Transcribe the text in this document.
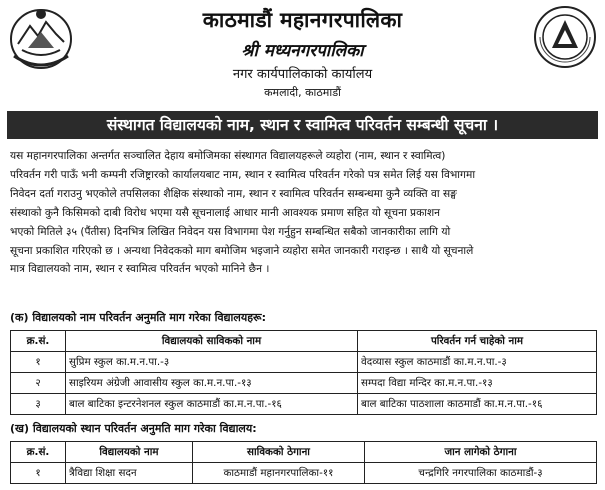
काठमाडौं महानगरपालिका
श्री मध्यनगरपालिका
नगर कार्यपालिकाको कार्यालय
कमलादी, काठमाडौं
संस्थागत विद्यालयको नाम, स्थान र स्वामित्व परिवर्तन सम्बन्धी सूचना ।
यस महानगरपालिका अन्तर्गत सञ्चालित देहाय बमोजिमका संस्थागत विद्यालयहरूले व्यहोरा (नाम, स्थान र स्वामित्व)
परिवर्तन गरी पाऊँ भनी कम्पनी रजिष्ट्रारको कार्यालयबाट नाम, स्थान र स्वामित्व परिवर्तन गरेको पत्र समेत लिई यस विभागमा
निवेदन दर्ता गराउनु भएकोले तपसिलका शैक्षिक संस्थाको नाम, स्थान र स्वामित्व परिवर्तन सम्बन्धमा कुनै व्यक्ति वा सङ्घ
संस्थाको कुनै किसिमको दाबी विरोध भएमा यसै सूचनालाई आधार मानी आवश्यक प्रमाण सहित यो सूचना प्रकाशन
भएको मितिले ३५ (पैंतीस) दिनभित्र लिखित निवेदन यस विभागमा पेश गर्नुहुन सम्बन्धित सबैको जानकारीका लागि यो
सूचना प्रकाशित गरिएको छ । अन्यथा निवेदकको माग बमोजिम भइजाने व्यहोरा समेत जानकारी गराइन्छ । साथै यो सूचनाले
मात्र विद्यालयको नाम, स्थान र स्वामित्व परिवर्तन भएको मानिने छैन ।
(क) विद्यालयको नाम परिवर्तन अनुमति माग गरेका विद्यालयहरू:
क्र.सं.	विद्यालयको साविकको नाम	परिवर्तन गर्न चाहेको नाम
१	सुप्रिम स्कुल का.म.न.पा.-३	वेदव्यास स्कुल काठमाडौं का.म.न.पा.-३
२	साइरियम अंग्रेजी आवासीय स्कुल का.म.न.पा.-१३	सम्पदा विद्या मन्दिर का.म.न.पा.-१३
३	बाल बाटिका इन्टरनेशनल स्कुल काठमाडौं का.म.न.पा.-१६	बाल बाटिका पाठशाला काठमाडौं का.म.न.पा.-१६
(ख) विद्यालयको स्थान परिवर्तन अनुमति माग गरेका विद्यालय:
क्र.सं.	विद्यालयको नाम	साविकको ठेगाना	जान लागेको ठेगाना
१	त्रैविद्या शिक्षा सदन	काठमाडौं महानगरपालिका-११	चन्द्रगिरि नगरपालिका काठमाडौं-३
